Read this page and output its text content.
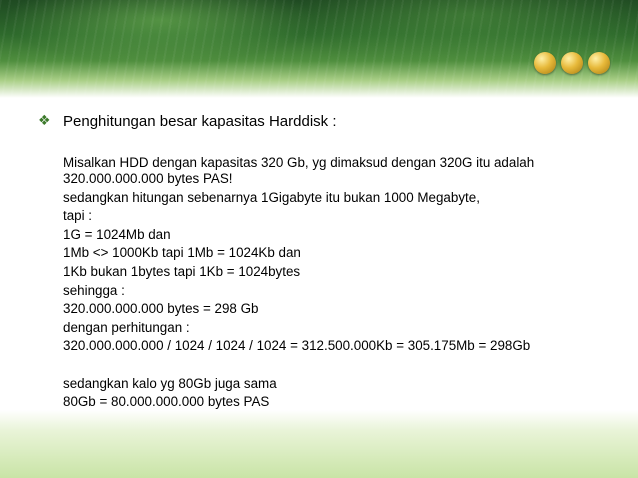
❖ Penghitungan besar kapasitas Harddisk :
Misalkan HDD dengan kapasitas 320 Gb, yg dimaksud dengan 320G itu adalah
320.000.000.000 bytes PAS!
sedangkan hitungan sebenarnya 1Gigabyte itu bukan 1000 Megabyte,
tapi :
1G = 1024Mb dan
1Mb <> 1000Kb tapi 1Mb = 1024Kb dan
1Kb bukan 1bytes tapi 1Kb = 1024bytes
sehingga :
320.000.000.000 bytes = 298 Gb
dengan perhitungan :
320.000.000.000 / 1024 / 1024 / 1024 = 312.500.000Kb = 305.175Mb = 298Gb
sedangkan kalo yg 80Gb juga sama
80Gb = 80.000.000.000 bytes PAS
